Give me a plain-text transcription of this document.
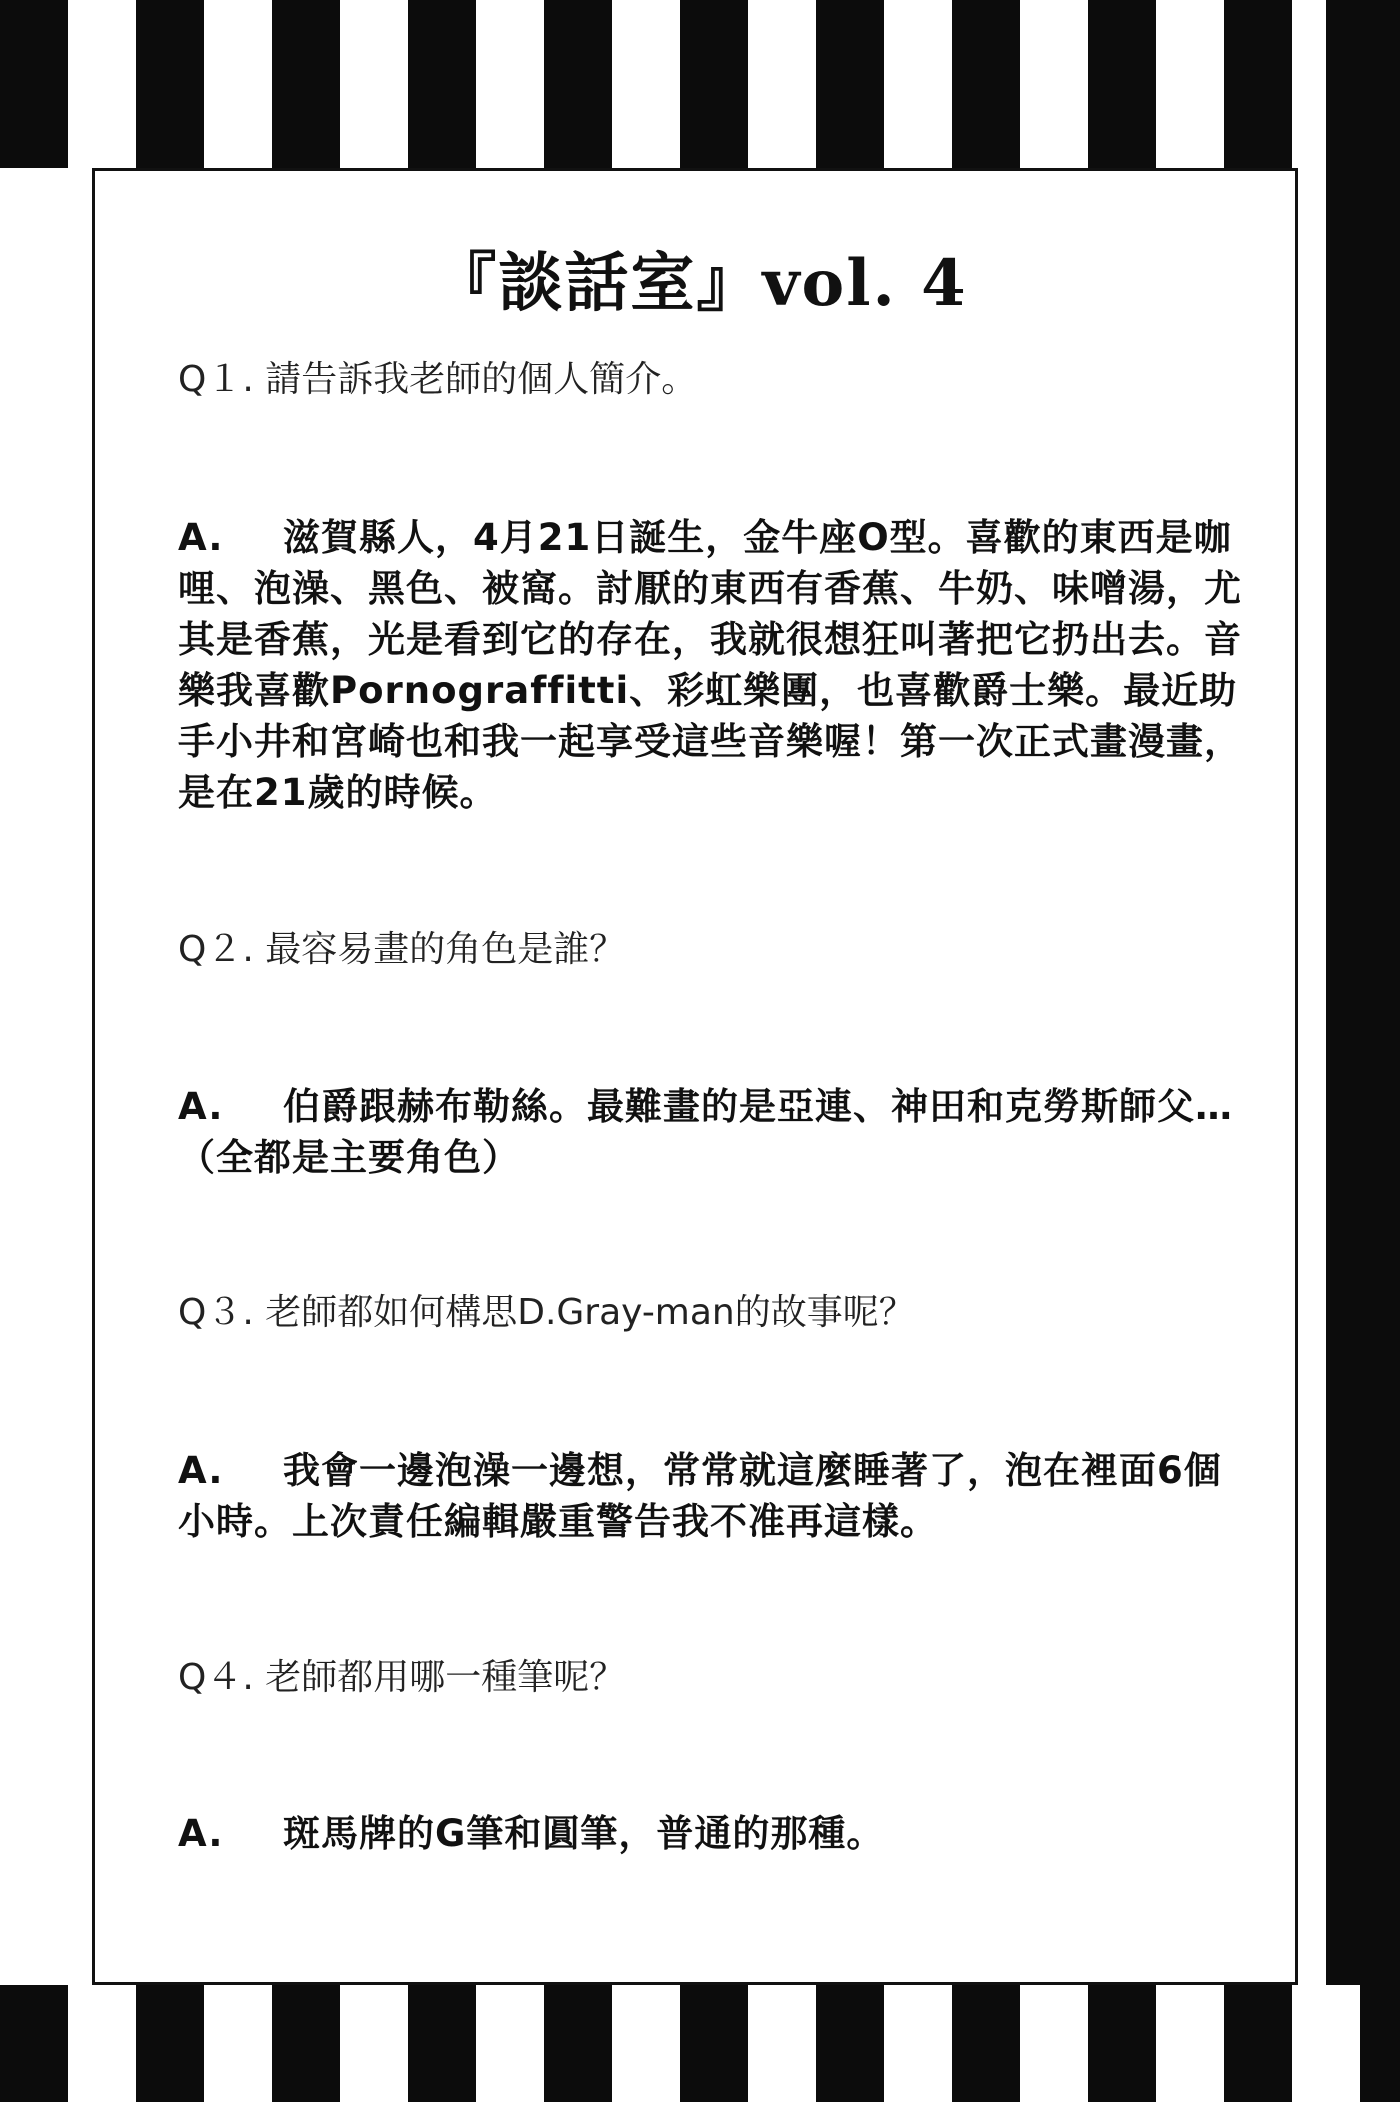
『談話室』vol. 4

Q１. 請告訴我老師的個人簡介。

A. 滋賀縣人，4月21日誕生，金牛座O型。喜歡的東西是咖哩、泡澡、黑色、被窩。討厭的東西有香蕉、牛奶、味噌湯，尤其是香蕉，光是看到它的存在，我就很想狂叫著把它扔出去。音樂我喜歡Pornograffitti、彩虹樂團，也喜歡爵士樂。最近助手小井和宮崎也和我一起享受這些音樂喔！第一次正式畫漫畫，是在21歲的時候。

Q２. 最容易畫的角色是誰？

A. 伯爵跟赫布勒絲。最難畫的是亞連、神田和克勞斯師父…（全都是主要角色）

Q３. 老師都如何構思D.Gray-man的故事呢？

A. 我會一邊泡澡一邊想，常常就這麼睡著了，泡在裡面6個小時。上次責任編輯嚴重警告我不准再這樣。

Q４. 老師都用哪一種筆呢？

A. 斑馬牌的G筆和圓筆，普通的那種。
